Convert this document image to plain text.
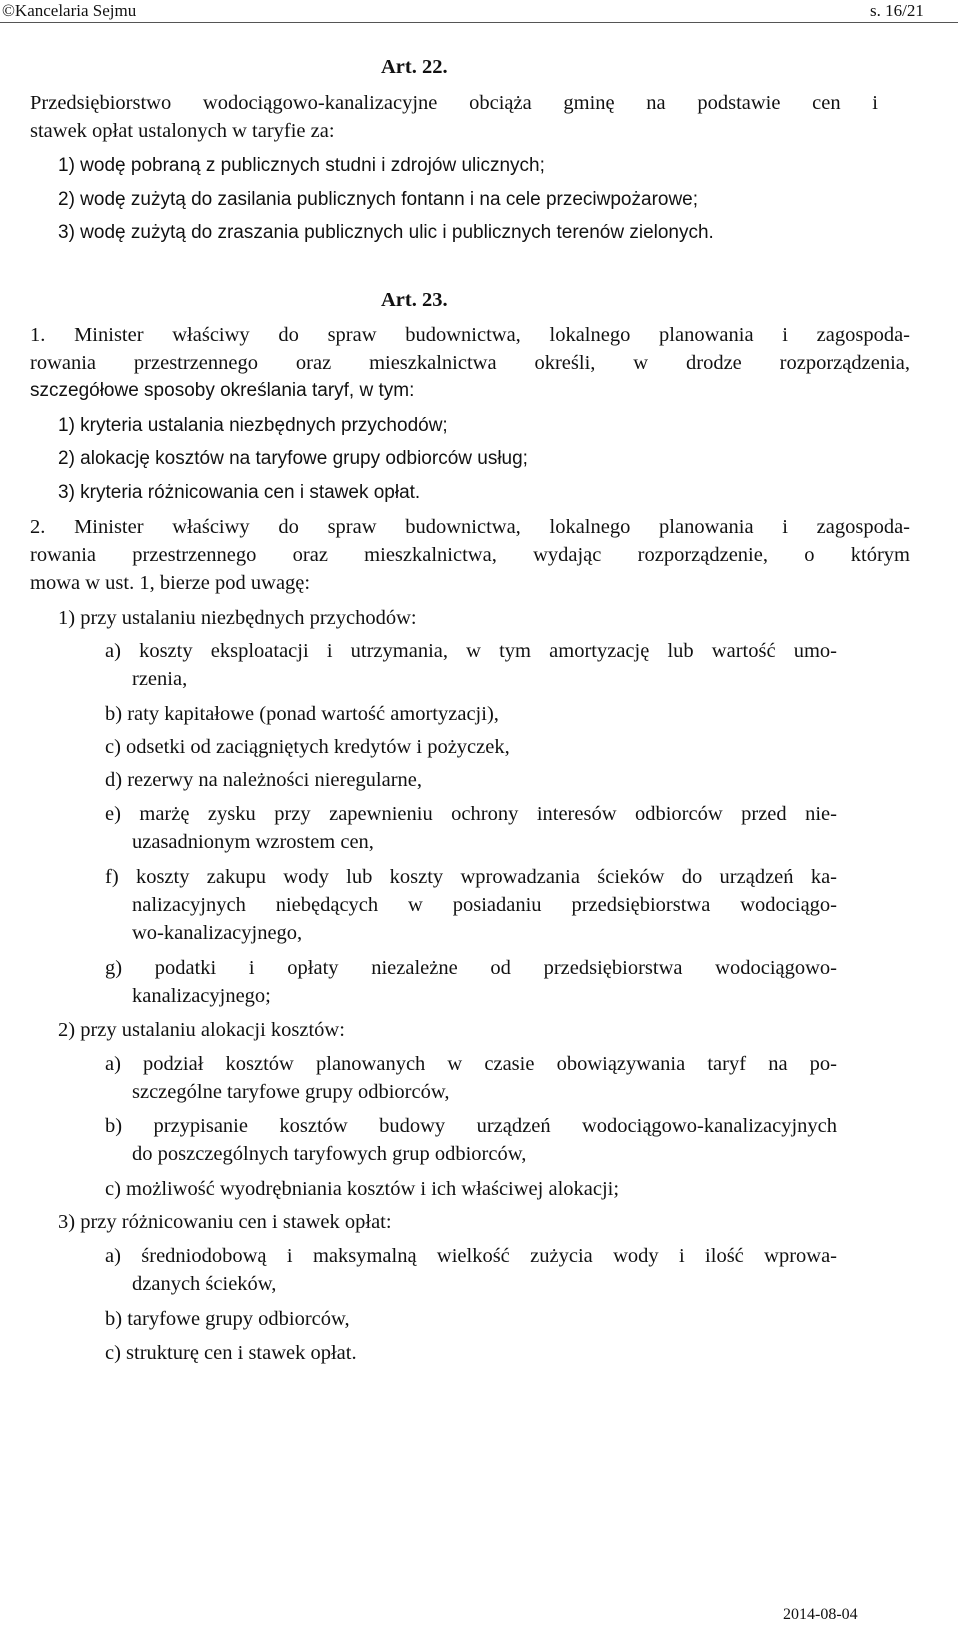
©Kancelaria Sejmu	s. 16/21
Art. 22.
Przedsiębiorstwo wodociągowo-kanalizacyjne obciąża gminę na podstawie cen i
stawek opłat ustalonych w taryfie za:
1) wodę pobraną z publicznych studni i zdrojów ulicznych;
2) wodę zużytą do zasilania publicznych fontann i na cele przeciwpożarowe;
3) wodę zużytą do zraszania publicznych ulic i publicznych terenów zielonych.
Art. 23.
1. Minister właściwy do spraw budownictwa, lokalnego planowania i zagospoda-
rowania przestrzennego oraz mieszkalnictwa określi, w drodze rozporządzenia,
szczegółowe sposoby określania taryf, w tym:
1) kryteria ustalania niezbędnych przychodów;
2) alokację kosztów na taryfowe grupy odbiorców usług;
3) kryteria różnicowania cen i stawek opłat.
2. Minister właściwy do spraw budownictwa, lokalnego planowania i zagospoda-
rowania przestrzennego oraz mieszkalnictwa, wydając rozporządzenie, o którym
mowa w ust. 1, bierze pod uwagę:
1) przy ustalaniu niezbędnych przychodów:
a) koszty eksploatacji i utrzymania, w tym amortyzację lub wartość umo-
rzenia,
b) raty kapitałowe (ponad wartość amortyzacji),
c) odsetki od zaciągniętych kredytów i pożyczek,
d) rezerwy na należności nieregularne,
e) marżę zysku przy zapewnieniu ochrony interesów odbiorców przed nie-
uzasadnionym wzrostem cen,
f) koszty zakupu wody lub koszty wprowadzania ścieków do urządzeń ka-
nalizacyjnych niebędących w posiadaniu przedsiębiorstwa wodociągo-
wo-kanalizacyjnego,
g) podatki i opłaty niezależne od przedsiębiorstwa wodociągowo-
kanalizacyjnego;
2) przy ustalaniu alokacji kosztów:
a) podział kosztów planowanych w czasie obowiązywania taryf na po-
szczególne taryfowe grupy odbiorców,
b) przypisanie kosztów budowy urządzeń wodociągowo-kanalizacyjnych
do poszczególnych taryfowych grup odbiorców,
c) możliwość wyodrębniania kosztów i ich właściwej alokacji;
3) przy różnicowaniu cen i stawek opłat:
a) średniodobową i maksymalną wielkość zużycia wody i ilość wprowa-
dzanych ścieków,
b) taryfowe grupy odbiorców,
c) strukturę cen i stawek opłat.
2014-08-04
